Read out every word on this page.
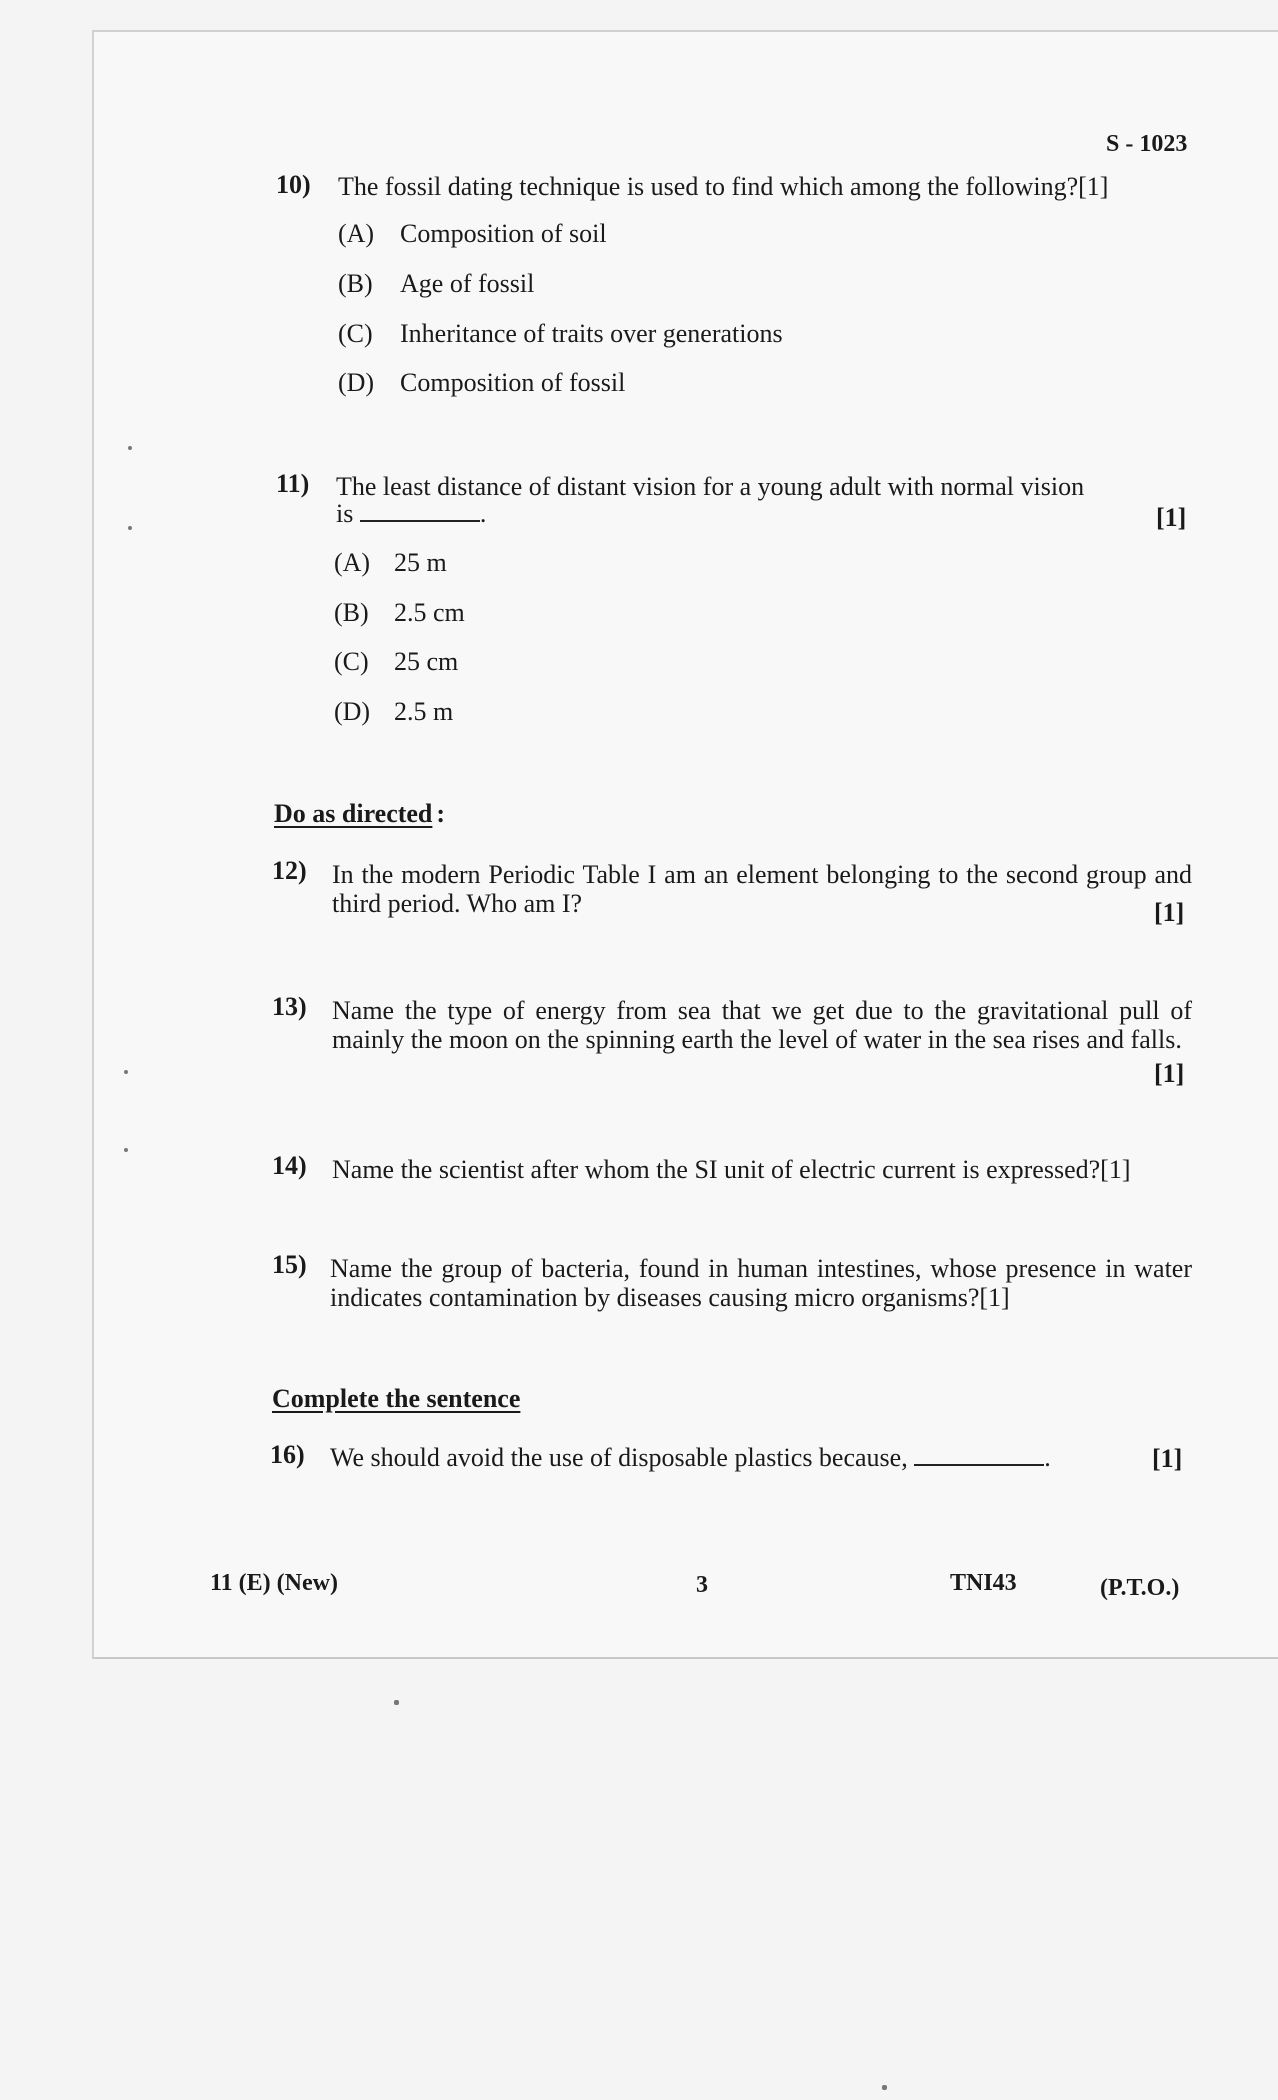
S - 1023
10) The fossil dating technique is used to find which among the following?[1]
(A) Composition of soil
(B) Age of fossil
(C) Inheritance of traits over generations
(D) Composition of fossil
11) The least distance of distant vision for a young adult with normal vision
is	.	[1]
(A) 25 m
(B) 2.5 cm
(C) 25 cm
(D) 2.5 m
Do as directed :
12) In the modern Periodic Table I am an element belonging to the second group and third period. Who am I?	[1]
13) Name the type of energy from sea that we get due to the gravitational pull of mainly the moon on the spinning earth the level of water in the sea rises and falls.
[1]
14) Name the scientist after whom the SI unit of electric current is expressed?[1]
15) Name the group of bacteria, found in human intestines, whose presence in water indicates contamination by diseases causing micro organisms?[1]
Complete the sentence
16) We should avoid the use of disposable plastics because,	.	[1]
11 (E) (New)	3	TNI43	(P.T.O.)
